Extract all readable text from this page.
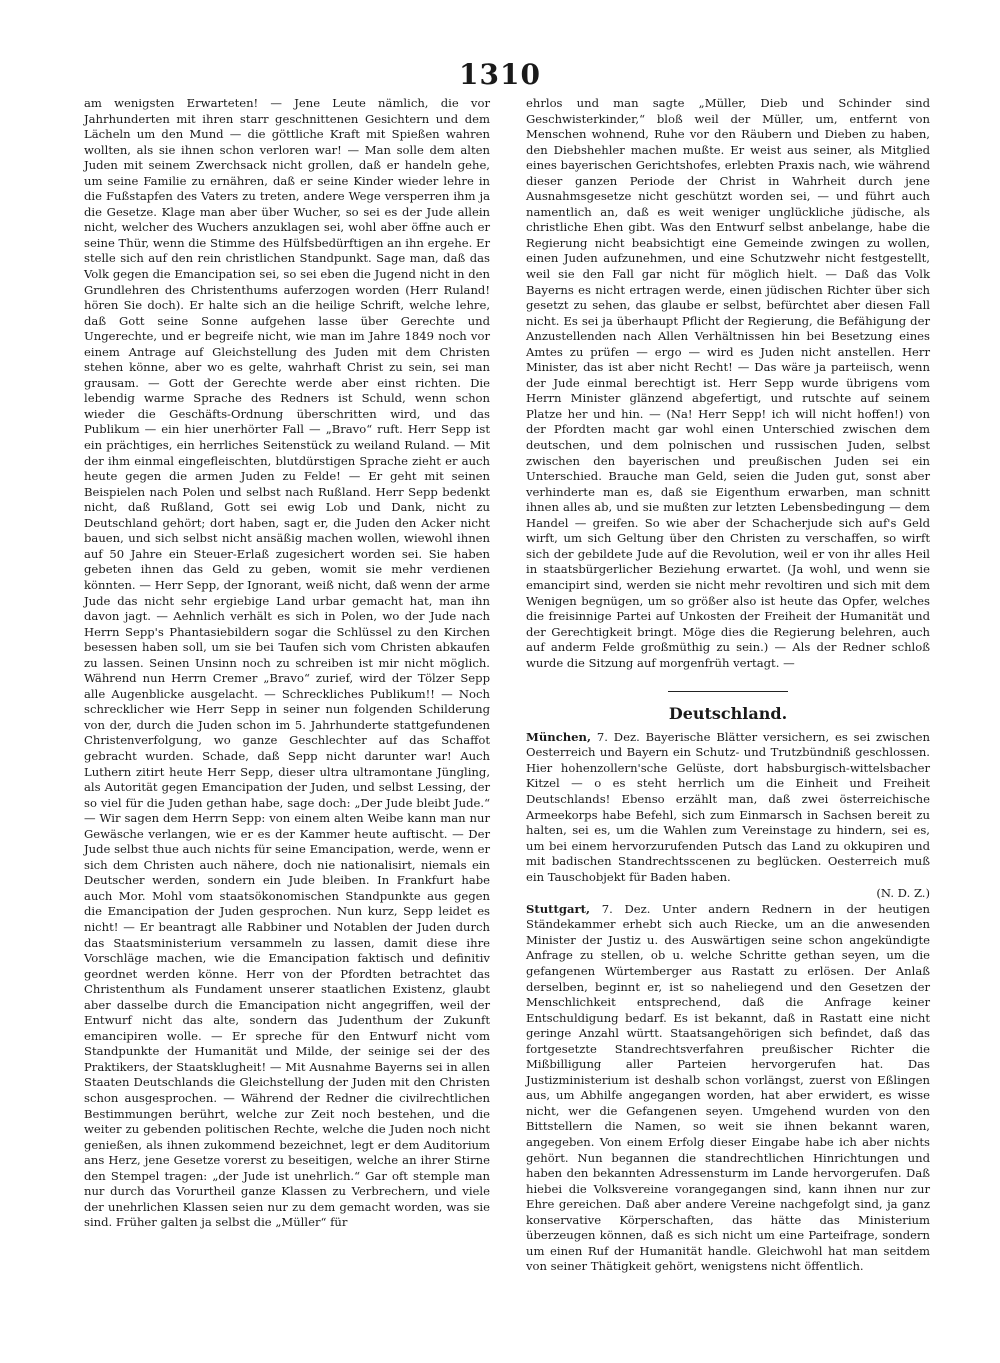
1310

am wenigsten Erwarteten! — Jene Leute nämlich, die vor Jahrhunderten mit ihren starr geschnittenen Gesichtern und dem Lächeln um den Mund — die göttliche Kraft mit Spießen wahren wollten, als sie ihnen schon verloren war! — Man solle dem alten Juden mit seinem Zwerchsack nicht grollen, daß er handeln gehe, um seine Familie zu ernähren, daß er seine Kinder wieder lehre in die Fußstapfen des Vaters zu treten, andere Wege versperren ihm ja die Gesetze. Klage man aber über Wucher, so sei es der Jude allein nicht, welcher des Wuchers anzuklagen sei, wohl aber öffne auch er seine Thür, wenn die Stimme des Hülfsbedürftigen an ihn ergehe. Er stelle sich auf den rein christlichen Standpunkt. Sage man, daß das Volk gegen die Emancipation sei, so sei eben die Jugend nicht in den Grundlehren des Christenthums auferzogen worden (Herr Ruland! hören Sie doch). Er halte sich an die heilige Schrift, welche lehre, daß Gott seine Sonne aufgehen lasse über Gerechte und Ungerechte, und er begreife nicht, wie man im Jahre 1849 noch vor einem Antrage auf Gleichstellung des Juden mit dem Christen stehen könne, aber wo es gelte, wahrhaft Christ zu sein, sei man grausam. — Gott der Gerechte werde aber einst richten. Die lebendig warme Sprache des Redners ist Schuld, wenn schon wieder die Geschäfts-Ordnung überschritten wird, und das Publikum — ein hier unerhörter Fall — „Bravo“ ruft. Herr Sepp ist ein prächtiges, ein herrliches Seitenstück zu weiland Ruland. — Mit der ihm einmal eingefleischten, blutdürstigen Sprache zieht er auch heute gegen die armen Juden zu Felde! — Er geht mit seinen Beispielen nach Polen und selbst nach Rußland. Herr Sepp bedenkt nicht, daß Rußland, Gott sei ewig Lob und Dank, nicht zu Deutschland gehört; dort haben, sagt er, die Juden den Acker nicht bauen, und sich selbst nicht ansäßig machen wollen, wiewohl ihnen auf 50 Jahre ein Steuer-Erlaß zugesichert worden sei. Sie haben gebeten ihnen das Geld zu geben, womit sie mehr verdienen könnten. — Herr Sepp, der Ignorant, weiß nicht, daß wenn der arme Jude das nicht sehr ergiebige Land urbar gemacht hat, man ihn davon jagt. — Aehnlich verhält es sich in Polen, wo der Jude nach Herrn Sepp's Phantasiebildern sogar die Schlüssel zu den Kirchen besessen haben soll, um sie bei Taufen sich vom Christen abkaufen zu lassen. Seinen Unsinn noch zu schreiben ist mir nicht möglich. Während nun Herrn Cremer „Bravo“ zurief, wird der Tölzer Sepp alle Augenblicke ausgelacht. — Schreckliches Publikum!! — Noch schrecklicher wie Herr Sepp in seiner nun folgenden Schilderung von der, durch die Juden schon im 5. Jahrhunderte stattgefundenen Christenverfolgung, wo ganze Geschlechter auf das Schaffot gebracht wurden. Schade, daß Sepp nicht darunter war! Auch Luthern zitirt heute Herr Sepp, dieser ultra ultramontane Jüngling, als Autorität gegen Emancipation der Juden, und selbst Lessing, der so viel für die Juden gethan habe, sage doch: „Der Jude bleibt Jude.“ — Wir sagen dem Herrn Sepp: von einem alten Weibe kann man nur Gewäsche verlangen, wie er es der Kammer heute auftischt. — Der Jude selbst thue auch nichts für seine Emancipation, werde, wenn er sich dem Christen auch nähere, doch nie nationalisirt, niemals ein Deutscher werden, sondern ein Jude bleiben. In Frankfurt habe auch Mor. Mohl vom staatsökonomischen Standpunkte aus gegen die Emancipation der Juden gesprochen. Nun kurz, Sepp leidet es nicht! — Er beantragt alle Rabbiner und Notablen der Juden durch das Staatsministerium versammeln zu lassen, damit diese ihre Vorschläge machen, wie die Emancipation faktisch und definitiv geordnet werden könne. Herr von der Pfordten betrachtet das Christenthum als Fundament unserer staatlichen Existenz, glaubt aber dasselbe durch die Emancipation nicht angegriffen, weil der Entwurf nicht das alte, sondern das Judenthum der Zukunft emancipiren wolle. — Er spreche für den Entwurf nicht vom Standpunkte der Humanität und Milde, der seinige sei der des Praktikers, der Staatsklugheit! — Mit Ausnahme Bayerns sei in allen Staaten Deutschlands die Gleichstellung der Juden mit den Christen schon ausgesprochen. — Während der Redner die civilrechtlichen Bestimmungen berührt, welche zur Zeit noch bestehen, und die weiter zu gebenden politischen Rechte, welche die Juden noch nicht genießen, als ihnen zukommend bezeichnet, legt er dem Auditorium ans Herz, jene Gesetze vorerst zu beseitigen, welche an ihrer Stirne den Stempel tragen: „der Jude ist unehrlich.“ Gar oft stemple man nur durch das Vorurtheil ganze Klassen zu Verbrechern, und viele der unehrlichen Klassen seien nur zu dem gemacht worden, was sie sind. Früher galten ja selbst die „Müller“ für

ehrlos und man sagte „Müller, Dieb und Schinder sind Geschwisterkinder,“ bloß weil der Müller, um, entfernt von Menschen wohnend, Ruhe vor den Räubern und Dieben zu haben, den Diebshehler machen mußte. Er weist aus seiner, als Mitglied eines bayerischen Gerichtshofes, erlebten Praxis nach, wie während dieser ganzen Periode der Christ in Wahrheit durch jene Ausnahmsgesetze nicht geschützt worden sei, — und führt auch namentlich an, daß es weit weniger unglückliche jüdische, als christliche Ehen gibt. Was den Entwurf selbst anbelange, habe die Regierung nicht beabsichtigt eine Gemeinde zwingen zu wollen, einen Juden aufzunehmen, und eine Schutzwehr nicht festgestellt, weil sie den Fall gar nicht für möglich hielt. — Daß das Volk Bayerns es nicht ertragen werde, einen jüdischen Richter über sich gesetzt zu sehen, das glaube er selbst, befürchtet aber diesen Fall nicht. Es sei ja überhaupt Pflicht der Regierung, die Befähigung der Anzustellenden nach Allen Verhältnissen hin bei Besetzung eines Amtes zu prüfen — ergo — wird es Juden nicht anstellen. Herr Minister, das ist aber nicht Recht! — Das wäre ja parteiisch, wenn der Jude einmal berechtigt ist. Herr Sepp wurde übrigens vom Herrn Minister glänzend abgefertigt, und rutschte auf seinem Platze her und hin. — (Na! Herr Sepp! ich will nicht hoffen!) von der Pfordten macht gar wohl einen Unterschied zwischen dem deutschen, und dem polnischen und russischen Juden, selbst zwischen den bayerischen und preußischen Juden sei ein Unterschied. Brauche man Geld, seien die Juden gut, sonst aber verhinderte man es, daß sie Eigenthum erwarben, man schnitt ihnen alles ab, und sie mußten zur letzten Lebensbedingung — dem Handel — greifen. So wie aber der Schacherjude sich auf's Geld wirft, um sich Geltung über den Christen zu verschaffen, so wirft sich der gebildete Jude auf die Revolution, weil er von ihr alles Heil in staatsbürgerlicher Beziehung erwartet. (Ja wohl, und wenn sie emancipirt sind, werden sie nicht mehr revoltiren und sich mit dem Wenigen begnügen, um so größer also ist heute das Opfer, welches die freisinnige Partei auf Unkosten der Freiheit der Humanität und der Gerechtigkeit bringt. Möge dies die Regierung belehren, auch auf anderm Felde großmüthig zu sein.) — Als der Redner schloß wurde die Sitzung auf morgenfrüh vertagt. —

Deutschland.

München, 7. Dez. Bayerische Blätter versichern, es sei zwischen Oesterreich und Bayern ein Schutz- und Trutzbündniß geschlossen. Hier hohenzollern'sche Gelüste, dort habsburgisch-wittelsbacher Kitzel — o es steht herrlich um die Einheit und Freiheit Deutschlands! Ebenso erzählt man, daß zwei österreichische Armeekorps habe Befehl, sich zum Einmarsch in Sachsen bereit zu halten, sei es, um die Wahlen zum Vereinstage zu hindern, sei es, um bei einem hervorzurufenden Putsch das Land zu okkupiren und mit badischen Standrechtsscenen zu beglücken. Oesterreich muß ein Tauschobjekt für Baden haben.

(N. D. Z.)

Stuttgart, 7. Dez. Unter andern Rednern in der heutigen Ständekammer erhebt sich auch Riecke, um an die anwesenden Minister der Justiz u. des Auswärtigen seine schon angekündigte Anfrage zu stellen, ob u. welche Schritte gethan seyen, um die gefangenen Würtemberger aus Rastatt zu erlösen. Der Anlaß derselben, beginnt er, ist so naheliegend und den Gesetzen der Menschlichkeit entsprechend, daß die Anfrage keiner Entschuldigung bedarf. Es ist bekannt, daß in Rastatt eine nicht geringe Anzahl württ. Staatsangehörigen sich befindet, daß das fortgesetzte Standrechtsverfahren preußischer Richter die Mißbilligung aller Parteien hervorgerufen hat. Das Justizministerium ist deshalb schon vorlängst, zuerst von Eßlingen aus, um Abhilfe angegangen worden, hat aber erwidert, es wisse nicht, wer die Gefangenen seyen. Umgehend wurden von den Bittstellern die Namen, so weit sie ihnen bekannt waren, angegeben. Von einem Erfolg dieser Eingabe habe ich aber nichts gehört. Nun begannen die standrechtlichen Hinrichtungen und haben den bekannten Adressensturm im Lande hervorgerufen. Daß hiebei die Volksvereine vorangegangen sind, kann ihnen nur zur Ehre gereichen. Daß aber andere Vereine nachgefolgt sind, ja ganz konservative Körperschaften, das hätte das Ministerium überzeugen können, daß es sich nicht um eine Parteifrage, sondern um einen Ruf der Humanität handle. Gleichwohl hat man seitdem von seiner Thätigkeit gehört, wenigstens nicht öffentlich.
